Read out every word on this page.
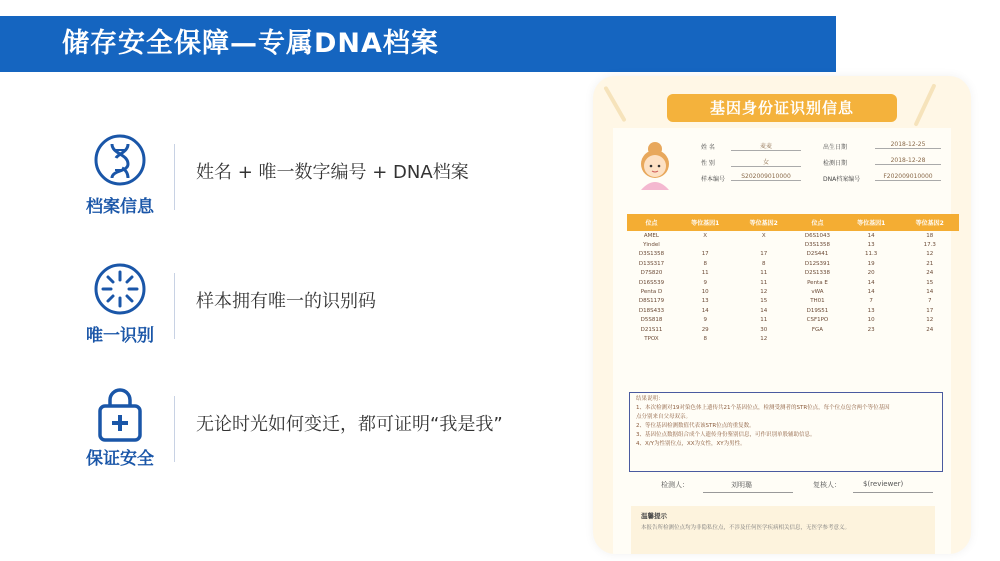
储存安全保障—专属DNA档案
档案信息
姓名 + 唯一数字编号 + DNA档案
唯一识别
样本拥有唯一的识别码
保证安全
无论时光如何变迁，都可证明“我是我”
基因身份证识别信息
姓 名	麦麦
性 别	女
样本编号	S202009010000
出生日期	2018-12-25
检测日期	2018-12-28
DNA档案编号	F202009010000
位点	等位基因1	等位基因2	位点	等位基因1	等位基因2
AMEL	X	X	D6S1043	14	18
Yindel			D3S1358	13	17.3
D3S1358	17	17	D2S441	11.3	12
D13S317	8	8	D12S391	19	21
D7S820	11	11	D2S1338	20	24
D16S539	9	11	Penta E	14	15
Penta D	10	12	vWA	14	14
D8S1179	13	15	TH01	7	7
D18S433	14	14	D19S51	13	17
D5S818	9	11	CSF1PO	10	12
D21S11	29	30	FGA	23	24
TPOX	8	12			
结果说明：
1、本次检测对19对染色体上遗传共21个基因位点，检测受测者的STR位点，每个位点包含两个等位基因
点分别来自父母双亲。
2、等位基因检测数值代表该STR位点的重复数。
3、基因位点数据组合成个人遗传身份鉴别信息，可作识别单股辅助信息。
4、X/Y为性别位点，XX为女性，XY为男性。
检测人：	刘明璐	复核人：	$(reviewer)
温馨提示
本报告所检测位点均为非隐私位点，不涉及任何医学疾病相关信息，无医学参考意义。
